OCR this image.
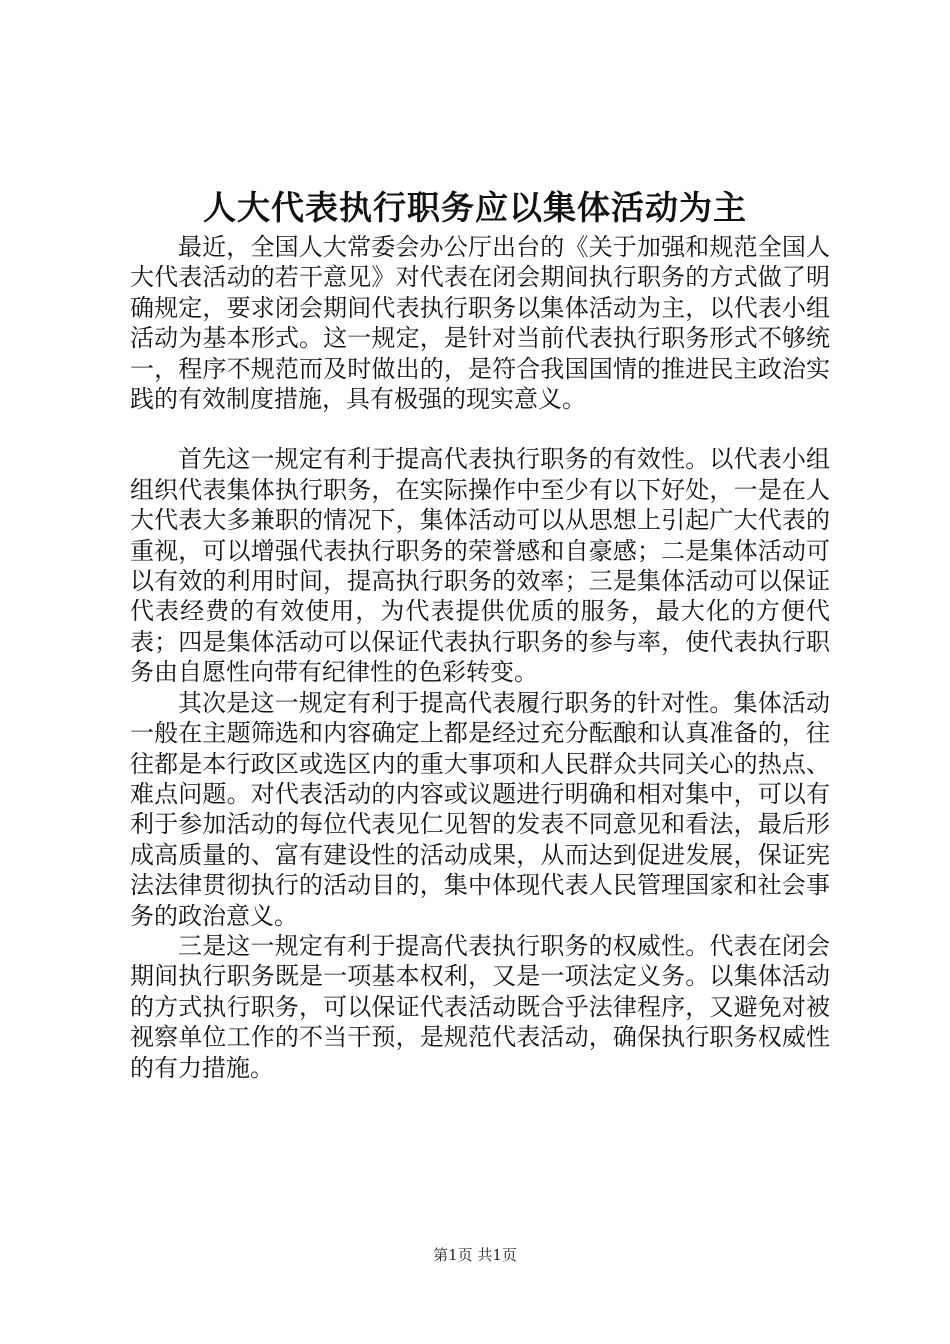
人大代表执行职务应以集体活动为主

最近，全国人大常委会办公厅出台的《关于加强和规范全国人大代表活动的若干意见》对代表在闭会期间执行职务的方式做了明确规定，要求闭会期间代表执行职务以集体活动为主，以代表小组活动为基本形式。这一规定，是针对当前代表执行职务形式不够统一，程序不规范而及时做出的，是符合我国国情的推进民主政治实践的有效制度措施，具有极强的现实意义。

首先这一规定有利于提高代表执行职务的有效性。以代表小组组织代表集体执行职务，在实际操作中至少有以下好处，一是在人大代表大多兼职的情况下，集体活动可以从思想上引起广大代表的重视，可以增强代表执行职务的荣誉感和自豪感；二是集体活动可以有效的利用时间，提高执行职务的效率；三是集体活动可以保证代表经费的有效使用，为代表提供优质的服务，最大化的方便代表；四是集体活动可以保证代表执行职务的参与率，使代表执行职务由自愿性向带有纪律性的色彩转变。

其次是这一规定有利于提高代表履行职务的针对性。集体活动一般在主题筛选和内容确定上都是经过充分酝酿和认真准备的，往往都是本行政区或选区内的重大事项和人民群众共同关心的热点、难点问题。对代表活动的内容或议题进行明确和相对集中，可以有利于参加活动的每位代表见仁见智的发表不同意见和看法，最后形成高质量的、富有建设性的活动成果，从而达到促进发展，保证宪法法律贯彻执行的活动目的，集中体现代表人民管理国家和社会事务的政治意义。

三是这一规定有利于提高代表执行职务的权威性。代表在闭会期间执行职务既是一项基本权利，又是一项法定义务。以集体活动的方式执行职务，可以保证代表活动既合乎法律程序，又避免对被视察单位工作的不当干预，是规范代表活动，确保执行职务权威性的有力措施。

第1页 共1页
